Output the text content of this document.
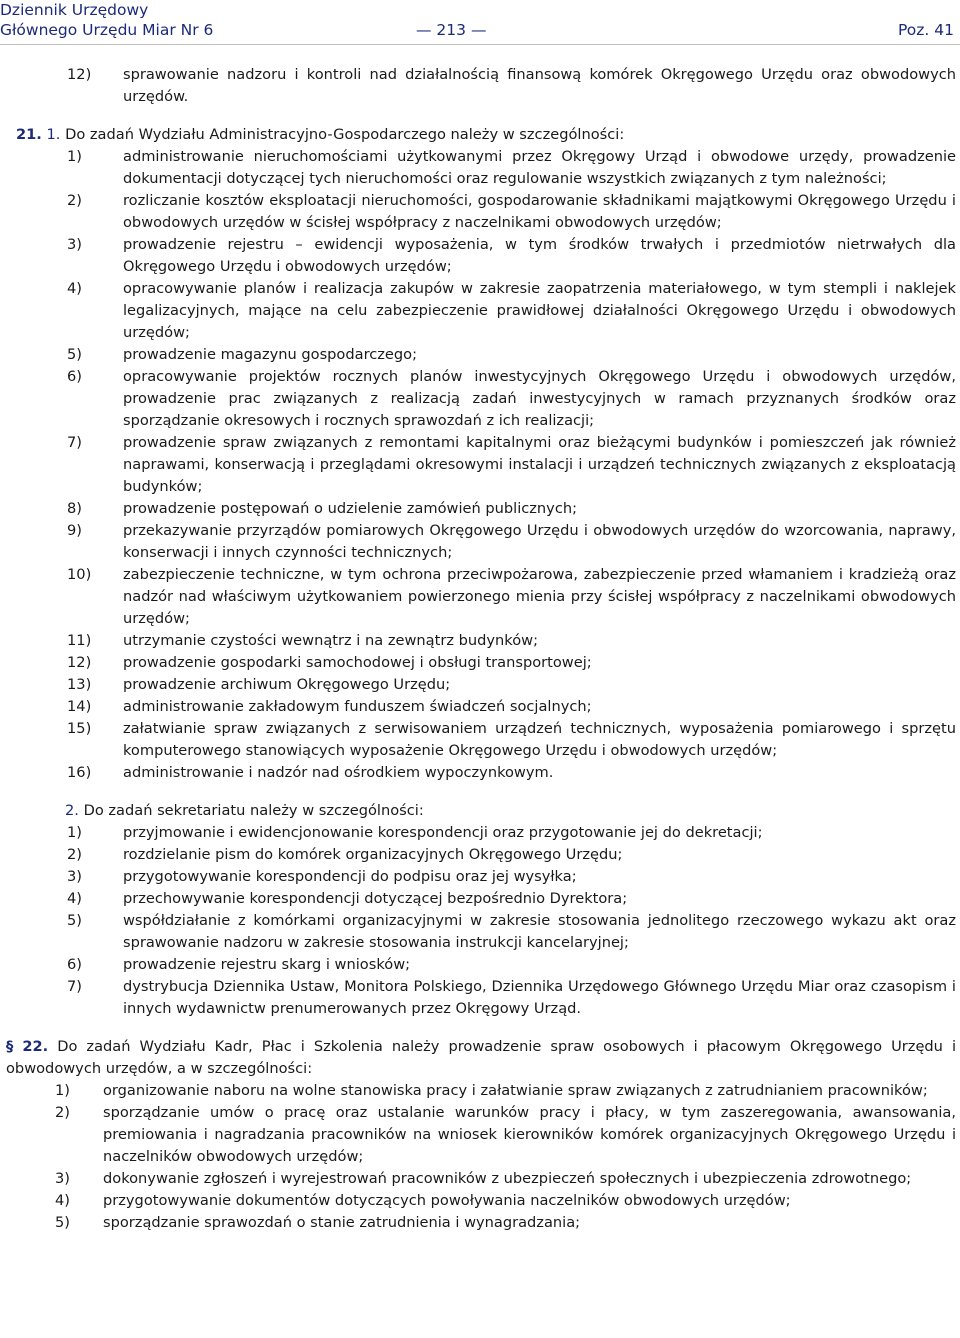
Dziennik Urzędowy
Głównego Urzędu Miar Nr 6	— 213 —	Poz. 41
12) sprawowanie nadzoru i kontroli nad działalnością finansową komórek Okręgowego Urzędu oraz obwodowych urzędów.
21. 1. Do zadań Wydziału Administracyjno-Gospodarczego należy w szczególności:
1)	administrowanie nieruchomościami użytkowanymi przez Okręgowy Urząd i obwodowe urzędy, prowadzenie dokumentacji dotyczącej tych nieruchomości oraz regulowanie wszystkich związanych z tym należności;
2)	rozliczanie kosztów eksploatacji nieruchomości, gospodarowanie składnikami majątkowymi Okręgowego Urzędu i obwodowych urzędów w ścisłej współpracy z naczelnikami obwodowych urzędów;
3)	prowadzenie rejestru – ewidencji wyposażenia, w tym środków trwałych i przedmiotów nietrwałych dla Okręgowego Urzędu i obwodowych urzędów;
4)	opracowywanie planów i realizacja zakupów w zakresie zaopatrzenia materiałowego, w tym stempli i naklejek legalizacyjnych, mające na celu zabezpieczenie prawidłowej działalności Okręgowego Urzędu i obwodowych urzędów;
5)	prowadzenie magazynu gospodarczego;
6)	opracowywanie projektów rocznych planów inwestycyjnych Okręgowego Urzędu i obwodowych urzędów, prowadzenie prac związanych z realizacją zadań inwestycyjnych w ramach przyznanych środków oraz sporządzanie okresowych i rocznych sprawozdań z ich realizacji;
7)	prowadzenie spraw związanych z remontami kapitalnymi oraz bieżącymi budynków i pomieszczeń jak również naprawami, konserwacją i przeglądami okresowymi instalacji i urządzeń technicznych związanych z eksploatacją budynków;
8)	prowadzenie postępowań o udzielenie zamówień publicznych;
9)	przekazywanie przyrządów pomiarowych Okręgowego Urzędu i obwodowych urzędów do wzorcowania, naprawy, konserwacji i innych czynności technicznych;
10) zabezpieczenie techniczne, w tym ochrona przeciwpożarowa, zabezpieczenie przed włamaniem i kradzieżą oraz nadzór nad właściwym użytkowaniem powierzonego mienia przy ścisłej współpracy z naczelnikami obwodowych urzędów;
11) utrzymanie czystości wewnątrz i na zewnątrz budynków;
12) prowadzenie gospodarki samochodowej i obsługi transportowej;
13) prowadzenie archiwum Okręgowego Urzędu;
14) administrowanie zakładowym funduszem świadczeń socjalnych;
15) załatwianie spraw związanych z serwisowaniem urządzeń technicznych, wyposażenia pomiarowego i sprzętu komputerowego stanowiących wyposażenie Okręgowego Urzędu i obwodowych urzędów;
16) administrowanie i nadzór nad ośrodkiem wypoczynkowym.
2. Do zadań sekretariatu należy w szczególności:
1)	przyjmowanie i ewidencjonowanie korespondencji oraz przygotowanie jej do dekretacji;
2)	rozdzielanie pism do komórek organizacyjnych Okręgowego Urzędu;
3)	przygotowywanie korespondencji do podpisu oraz jej wysyłka;
4)	przechowywanie korespondencji dotyczącej bezpośrednio Dyrektora;
5)	współdziałanie z komórkami organizacyjnymi w zakresie stosowania jednolitego rzeczowego wykazu akt oraz sprawowanie nadzoru w zakresie stosowania instrukcji kancelaryjnej;
6)	prowadzenie rejestru skarg i wniosków;
7)	dystrybucja Dziennika Ustaw, Monitora Polskiego, Dziennika Urzędowego Głównego Urzędu Miar oraz czasopism i innych wydawnictw prenumerowanych przez Okręgowy Urząd.
§ 22. Do zadań Wydziału Kadr, Płac i Szkolenia należy prowadzenie spraw osobowych i płacowym Okręgowego Urzędu i obwodowych urzędów, a w szczególności:
1) organizowanie naboru na wolne stanowiska pracy i załatwianie spraw związanych z zatrudnianiem pracowników;
2) sporządzanie umów o pracę oraz ustalanie warunków pracy i płacy, w tym zaszeregowania, awansowania, premiowania i nagradzania pracowników na wniosek kierowników komórek organizacyjnych Okręgowego Urzędu i naczelników obwodowych urzędów;
3) dokonywanie zgłoszeń i wyrejestrowań pracowników z ubezpieczeń społecznych i ubezpieczenia zdrowotnego;
4) przygotowywanie dokumentów dotyczących powoływania naczelników obwodowych urzędów;
5) sporządzanie sprawozdań o stanie zatrudnienia i wynagradzania;
